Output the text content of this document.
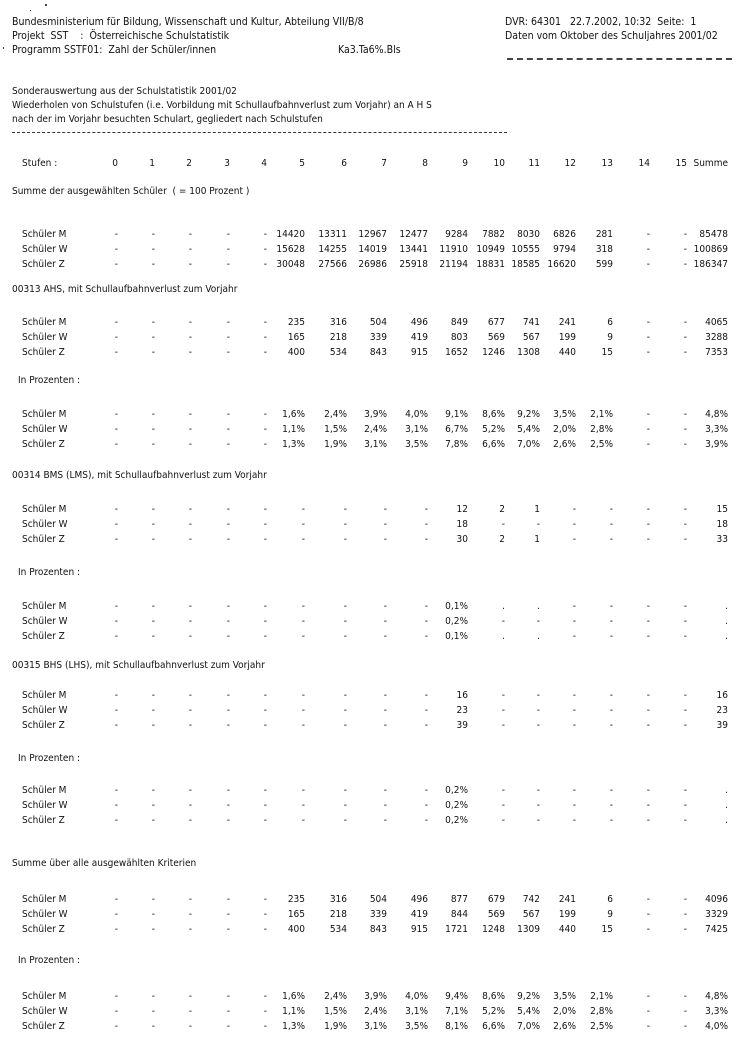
Bundesministerium für Bildung, Wissenschaft und Kultur, Abteilung VII/B/8	DVR: 64301   22.7.2002, 10:32  Seite:  1
Projekt  SST    :  Österreichische Schulstatistik	Daten vom Oktober des Schuljahres 2001/02
Programm SSTF01:  Zahl der Schüler/innen	Ka3.Ta6%.Bls
Sonderauswertung aus der Schulstatistik 2001/02
Wiederholen von Schulstufen (i.e. Vorbildung mit Schullaufbahnverlust zum Vorjahr) an A H S
nach der im Vorjahr besuchten Schulart, gegliedert nach Schulstufen
Stufen :	0	1	2	3	4	5	6	7	8	9	10	11	12	13	14	15 Summe
Summe der ausgewählten Schüler  ( = 100 Prozent )
Schüler M	-	-	-	-	- 14420	13311	12967	12477	9284	7882	8030	6826	281	-	-	85478
Schüler W	-	-	-	-	- 15628	14255	14019	13441	11910 10949 10555	9794	318	-	- 100869
Schüler Z	-	-	-	-	- 30048	27566	26986	25918	21194 18831 18585 16620	599	-	- 186347
00313 AHS, mit Schullaufbahnverlust zum Vorjahr
Schüler M	-	-	-	-	-	235	316	504	496	849	677	741	241	6	-	-	4065
Schüler W	-	-	-	-	-	165	218	339	419	803	569	567	199	9	-	-	3288
Schüler Z	-	-	-	-	-	400	534	843	915	1652	1246	1308	440	15	-	-	7353
In Prozenten :
Schüler M	-	-	-	-	-	1,6%	2,4%	3,9%	4,0%	9,1%	8,6%	9,2%	3,5%	2,1%	-	-	4,8%
Schüler W	-	-	-	-	-	1,1%	1,5%	2,4%	3,1%	6,7%	5,2%	5,4%	2,0%	2,8%	-	-	3,3%
Schüler Z	-	-	-	-	-	1,3%	1,9%	3,1%	3,5%	7,8%	6,6%	7,0%	2,6%	2,5%	-	-	3,9%
00314 BMS (LMS), mit Schullaufbahnverlust zum Vorjahr
Schüler M	-	-	-	-	-	-	-	-	-	12	2	1	-	-	-	-	15
Schüler W	-	-	-	-	-	-	-	-	-	18	-	-	-	-	-	-	18
Schüler Z	-	-	-	-	-	-	-	-	-	30	2	1	-	-	-	-	33
In Prozenten :
Schüler M	-	-	-	-	-	-	-	-	-	0,1%	.	.	-	-	-	-	.
Schüler W	-	-	-	-	-	-	-	-	-	0,2%	-	-	-	-	-	-	.
Schüler Z	-	-	-	-	-	-	-	-	-	0,1%	.	.	-	-	-	-	.
00315 BHS (LHS), mit Schullaufbahnverlust zum Vorjahr
Schüler M	-	-	-	-	-	-	-	-	-	16	-	-	-	-	-	-	16
Schüler W	-	-	-	-	-	-	-	-	-	23	-	-	-	-	-	-	23
Schüler Z	-	-	-	-	-	-	-	-	-	39	-	-	-	-	-	-	39
In Prozenten :
Schüler M	-	-	-	-	-	-	-	-	-	0,2%	-	-	-	-	-	-	.
Schüler W	-	-	-	-	-	-	-	-	-	0,2%	-	-	-	-	-	-	.
Schüler Z	-	-	-	-	-	-	-	-	-	0,2%	-	-	-	-	-	-	.
Summe über alle ausgewählten Kriterien
Schüler M	-	-	-	-	-	235	316	504	496	877	679	742	241	6	-	-	4096
Schüler W	-	-	-	-	-	165	218	339	419	844	569	567	199	9	-	-	3329
Schüler Z	-	-	-	-	-	400	534	843	915	1721	1248	1309	440	15	-	-	7425
In Prozenten :
Schüler M	-	-	-	-	-	1,6%	2,4%	3,9%	4,0%	9,4%	8,6%	9,2%	3,5%	2,1%	-	-	4,8%
Schüler W	-	-	-	-	-	1,1%	1,5%	2,4%	3,1%	7,1%	5,2%	5,4%	2,0%	2,8%	-	-	3,3%
Schüler Z	-	-	-	-	-	1,3%	1,9%	3,1%	3,5%	8,1%	6,6%	7,0%	2,6%	2,5%	-	-	4,0%
